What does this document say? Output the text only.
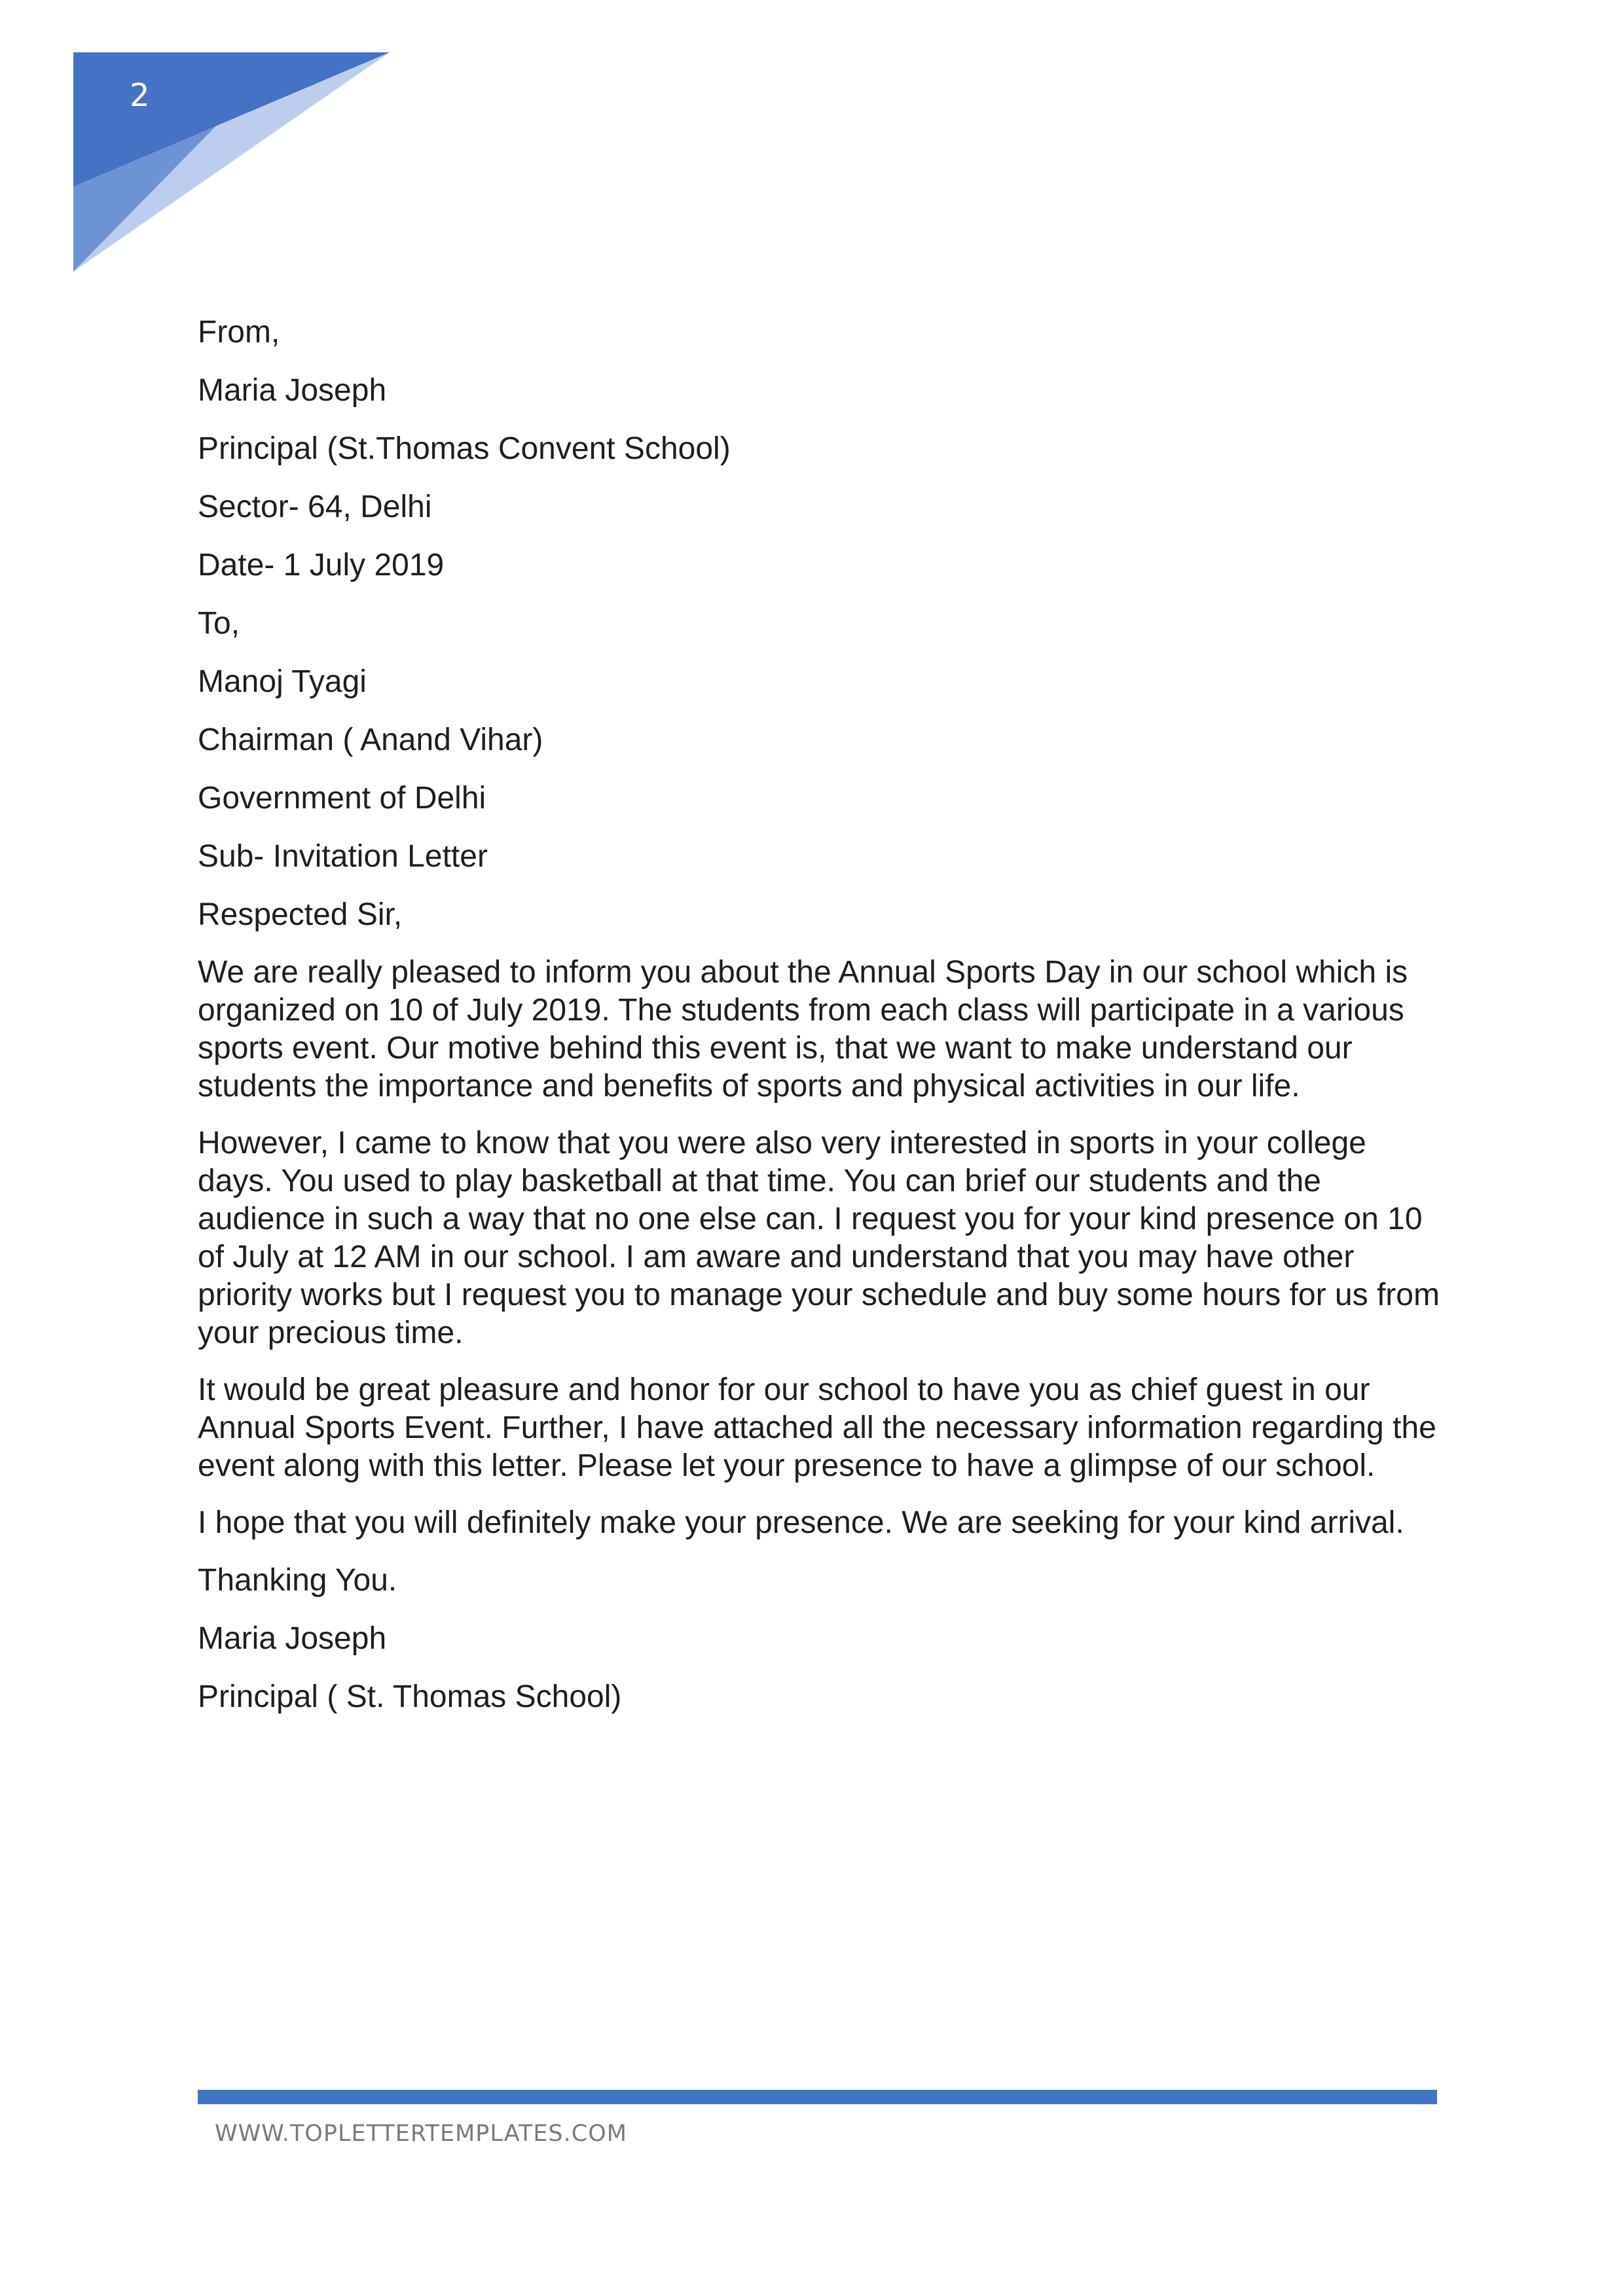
2
From,
Maria Joseph
Principal (St.Thomas Convent School)
Sector- 64, Delhi
Date- 1 July 2019
To,
Manoj Tyagi
Chairman ( Anand Vihar)
Government of Delhi
Sub- Invitation Letter
Respected Sir,
We are really pleased to inform you about the Annual Sports Day in our school which is organized on 10 of July 2019. The students from each class will participate in a various sports event. Our motive behind this event is, that we want to make understand our students the importance and benefits of sports and physical activities in our life.
However, I came to know that you were also very interested in sports in your college days. You used to play basketball at that time. You can brief our students and the audience in such a way that no one else can. I request you for your kind presence on 10 of July at 12 AM in our school. I am aware and understand that you may have other priority works but I request you to manage your schedule and buy some hours for us from your precious time.
It would be great pleasure and honor for our school to have you as chief guest in our Annual Sports Event. Further, I have attached all the necessary information regarding the event along with this letter. Please let your presence to have a glimpse of our school.
I hope that you will definitely make your presence. We are seeking for your kind arrival.
Thanking You.
Maria Joseph
Principal ( St. Thomas School)
WWW.TOPLETTERTEMPLATES.COM
